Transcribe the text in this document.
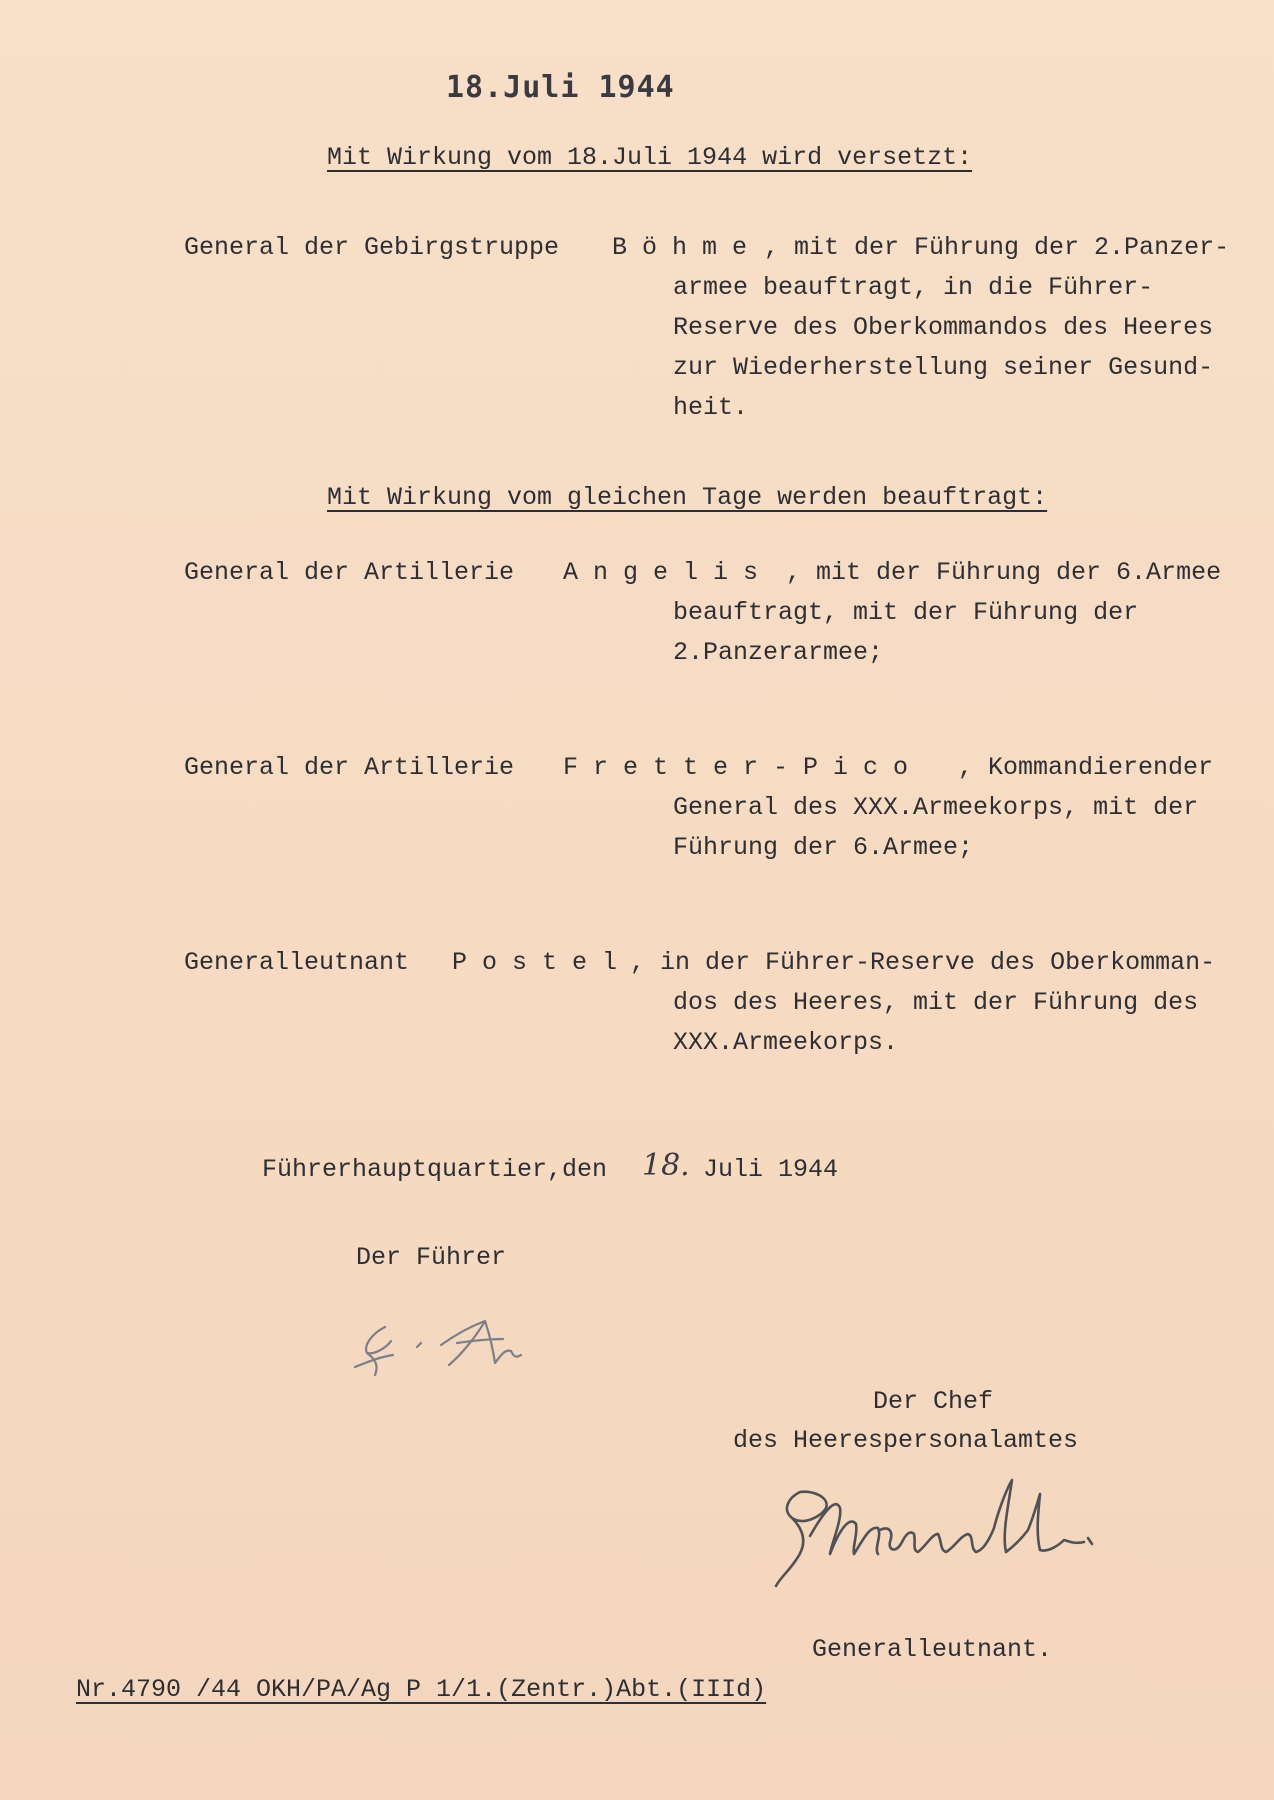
18.Juli 1944
Mit Wirkung vom 18.Juli 1944 wird versetzt:
General der Gebirgstruppe B ö h m e , mit der Führung der 2.Panzer-
armee beauftragt, in die Führer-
Reserve des Oberkommandos des Heeres
zur Wiederherstellung seiner Gesund-
heit.
Mit Wirkung vom gleichen Tage werden beauftragt:
General der Artillerie A n g e l i s , mit der Führung der 6.Armee
beauftragt, mit der Führung der
2.Panzerarmee;
General der Artillerie F r e t t e r - P i c o , Kommandierender
General des XXX.Armeekorps, mit der
Führung der 6.Armee;
Generalleutnant P o s t e l , in der Führer-Reserve des Oberkomman-
dos des Heeres, mit der Führung des
XXX.Armeekorps.
Führerhauptquartier,den 18. Juli 1944
Der Führer
Der Chef
des Heerespersonalamtes
Generalleutnant.
Nr.4790 /44 OKH/PA/Ag P 1/1.(Zentr.)Abt.(IIId)
